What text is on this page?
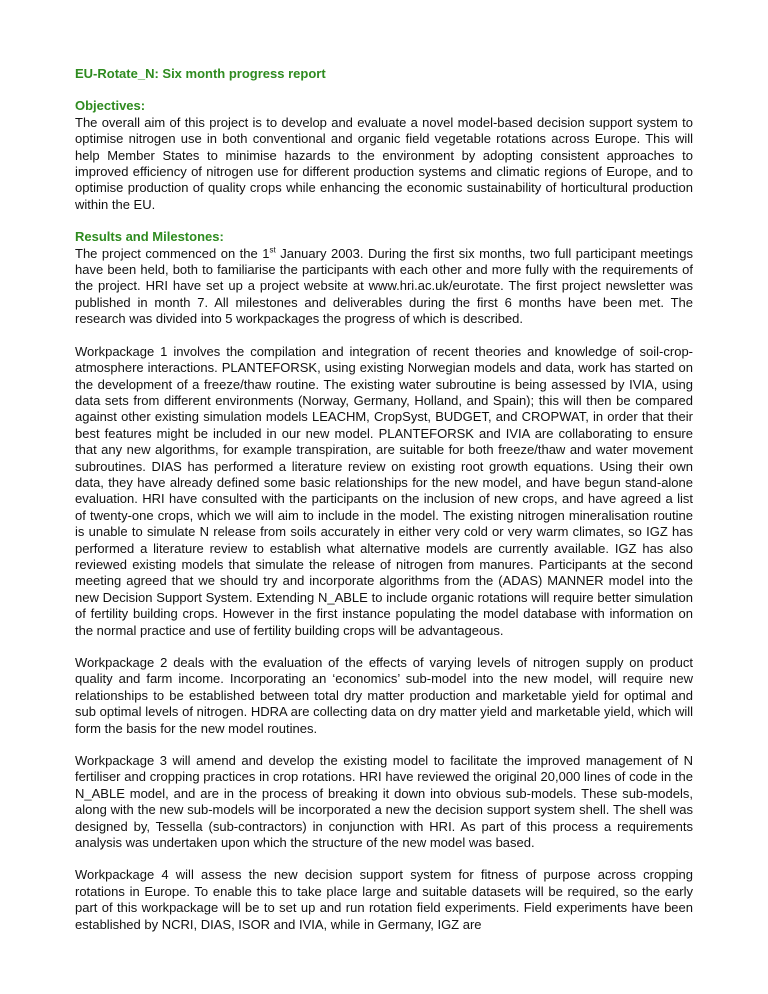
EU-Rotate_N: Six month progress report
Objectives:

The overall aim of this project is to develop and evaluate a novel model-based decision support system to optimise nitrogen use in both conventional and organic field vegetable rotations across Europe. This will help Member States to minimise hazards to the environment by adopting consistent approaches to improved efficiency of nitrogen use for different production systems and climatic regions of Europe, and to optimise production of quality crops while enhancing the economic sustainability of horticultural production within the EU.

Results and Milestones:

The project commenced on the 1st January 2003. During the first six months, two full participant meetings have been held, both to familiarise the participants with each other and more fully with the requirements of the project. HRI have set up a project website at www.hri.ac.uk/eurotate. The first project newsletter was published in month 7. All milestones and deliverables during the first 6 months have been met. The research was divided into 5 workpackages the progress of which is described.

Workpackage 1 involves the compilation and integration of recent theories and knowledge of soil-crop-atmosphere interactions. PLANTEFORSK, using existing Norwegian models and data, work has started on the development of a freeze/thaw routine. The existing water subroutine is being assessed by IVIA, using data sets from different environments (Norway, Germany, Holland, and Spain); this will then be compared against other existing simulation models LEACHM, CropSyst, BUDGET, and CROPWAT, in order that their best features might be included in our new model. PLANTEFORSK and IVIA are collaborating to ensure that any new algorithms, for example transpiration, are suitable for both freeze/thaw and water movement subroutines. DIAS has performed a literature review on existing root growth equations. Using their own data, they have already defined some basic relationships for the new model, and have begun stand-alone evaluation. HRI have consulted with the participants on the inclusion of new crops, and have agreed a list of twenty-one crops, which we will aim to include in the model. The existing nitrogen mineralisation routine is unable to simulate N release from soils accurately in either very cold or very warm climates, so IGZ has performed a literature review to establish what alternative models are currently available. IGZ has also reviewed existing models that simulate the release of nitrogen from manures. Participants at the second meeting agreed that we should try and incorporate algorithms from the (ADAS) MANNER model into the new Decision Support System. Extending N_ABLE to include organic rotations will require better simulation of fertility building crops. However in the first instance populating the model database with information on the normal practice and use of fertility building crops will be advantageous.

Workpackage 2 deals with the evaluation of the effects of varying levels of nitrogen supply on product quality and farm income. Incorporating an ‘economics’ sub-model into the new model, will require new relationships to be established between total dry matter production and marketable yield for optimal and sub optimal levels of nitrogen. HDRA are collecting data on dry matter yield and marketable yield, which will form the basis for the new model routines.

Workpackage 3 will amend and develop the existing model to facilitate the improved management of N fertiliser and cropping practices in crop rotations. HRI have reviewed the original 20,000 lines of code in the N_ABLE model, and are in the process of breaking it down into obvious sub-models. These sub-models, along with the new sub-models will be incorporated a new the decision support system shell. The shell was designed by, Tessella (sub-contractors) in conjunction with HRI. As part of this process a requirements analysis was undertaken upon which the structure of the new model was based.

Workpackage 4 will assess the new decision support system for fitness of purpose across cropping rotations in Europe. To enable this to take place large and suitable datasets will be required, so the early part of this workpackage will be to set up and run rotation field experiments. Field experiments have been established by NCRI, DIAS, ISOR and IVIA, while in Germany, IGZ are
